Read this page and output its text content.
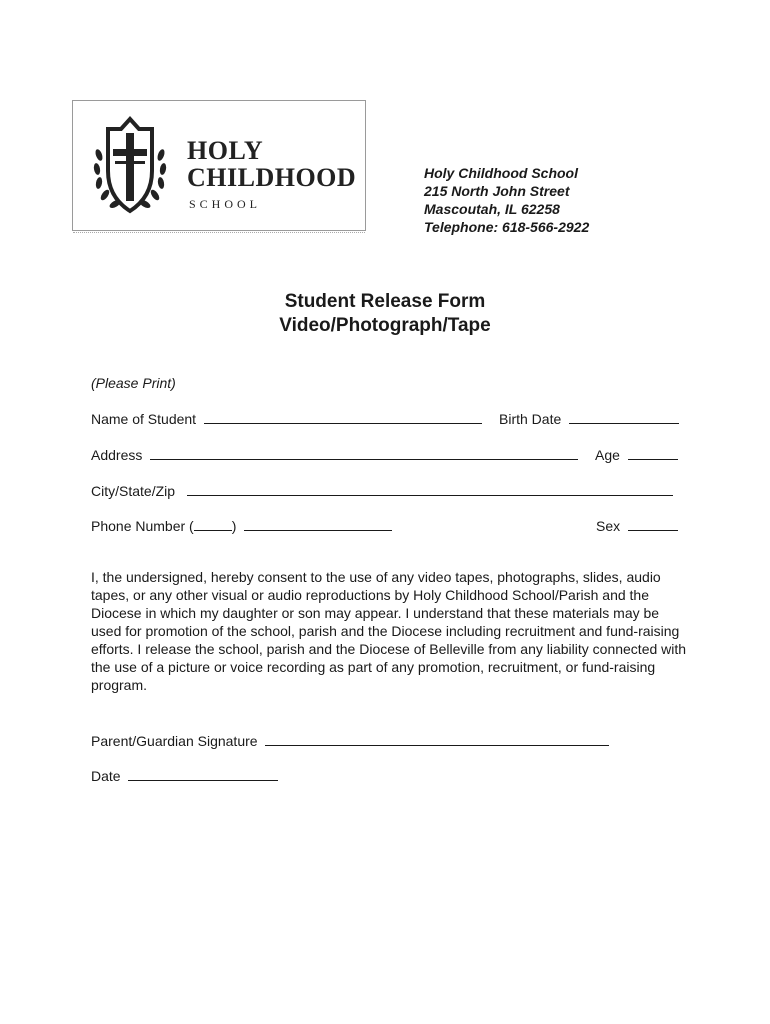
HOLY
CHILDHOOD
SCHOOL
Holy Childhood School
215 North John Street
Mascoutah, IL 62258
Telephone: 618-566-2922
Student Release Form
Video/Photograph/Tape
(Please Print)
Name of Student	Birth Date
Address	Age
City/State/Zip
Phone Number (	)	Sex
I, the undersigned, hereby consent to the use of any video tapes, photographs, slides, audio tapes, or any other visual or audio reproductions by Holy Childhood School/Parish and the Diocese in which my daughter or son may appear. I understand that these materials may be used for promotion of the school, parish and the Diocese including recruitment and fund-raising efforts. I release the school, parish and the Diocese of Belleville from any liability connected with the use of a picture or voice recording as part of any promotion, recruitment, or fund-raising program.
Parent/Guardian Signature
Date
